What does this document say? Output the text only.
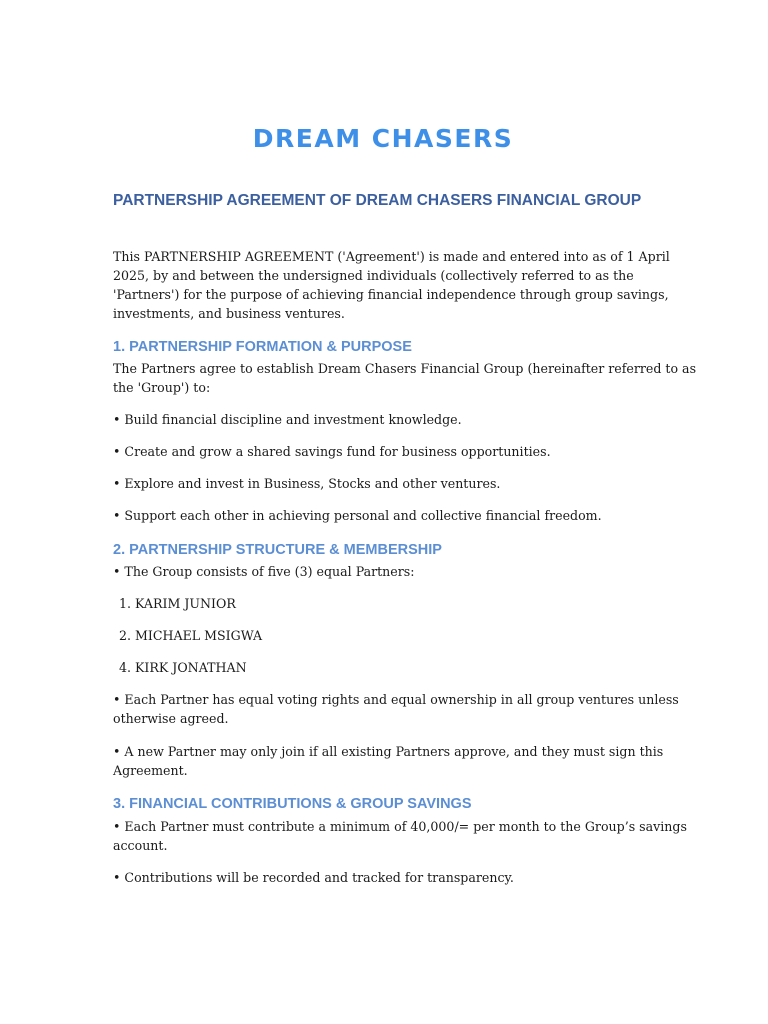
DREAM CHASERS
PARTNERSHIP AGREEMENT OF DREAM CHASERS FINANCIAL GROUP

This PARTNERSHIP AGREEMENT ('Agreement') is made and entered into as of 1 April

2025, by and between the undersigned individuals (collectively referred to as the

'Partners') for the purpose of achieving financial independence through group savings,

investments, and business ventures.

1. PARTNERSHIP FORMATION & PURPOSE

The Partners agree to establish Dream Chasers Financial Group (hereinafter referred to as

the 'Group') to:

• Build financial discipline and investment knowledge.

• Create and grow a shared savings fund for business opportunities.

• Explore and invest in Business, Stocks and other ventures.

• Support each other in achieving personal and collective financial freedom.

2. PARTNERSHIP STRUCTURE & MEMBERSHIP

• The Group consists of five (3) equal Partners:

1. KARIM JUNIOR

2. MICHAEL MSIGWA

4. KIRK JONATHAN

• Each Partner has equal voting rights and equal ownership in all group ventures unless

otherwise agreed.

• A new Partner may only join if all existing Partners approve, and they must sign this

Agreement.

3. FINANCIAL CONTRIBUTIONS & GROUP SAVINGS

• Each Partner must contribute a minimum of 40,000/= per month to the Group’s savings

account.

• Contributions will be recorded and tracked for transparency.
